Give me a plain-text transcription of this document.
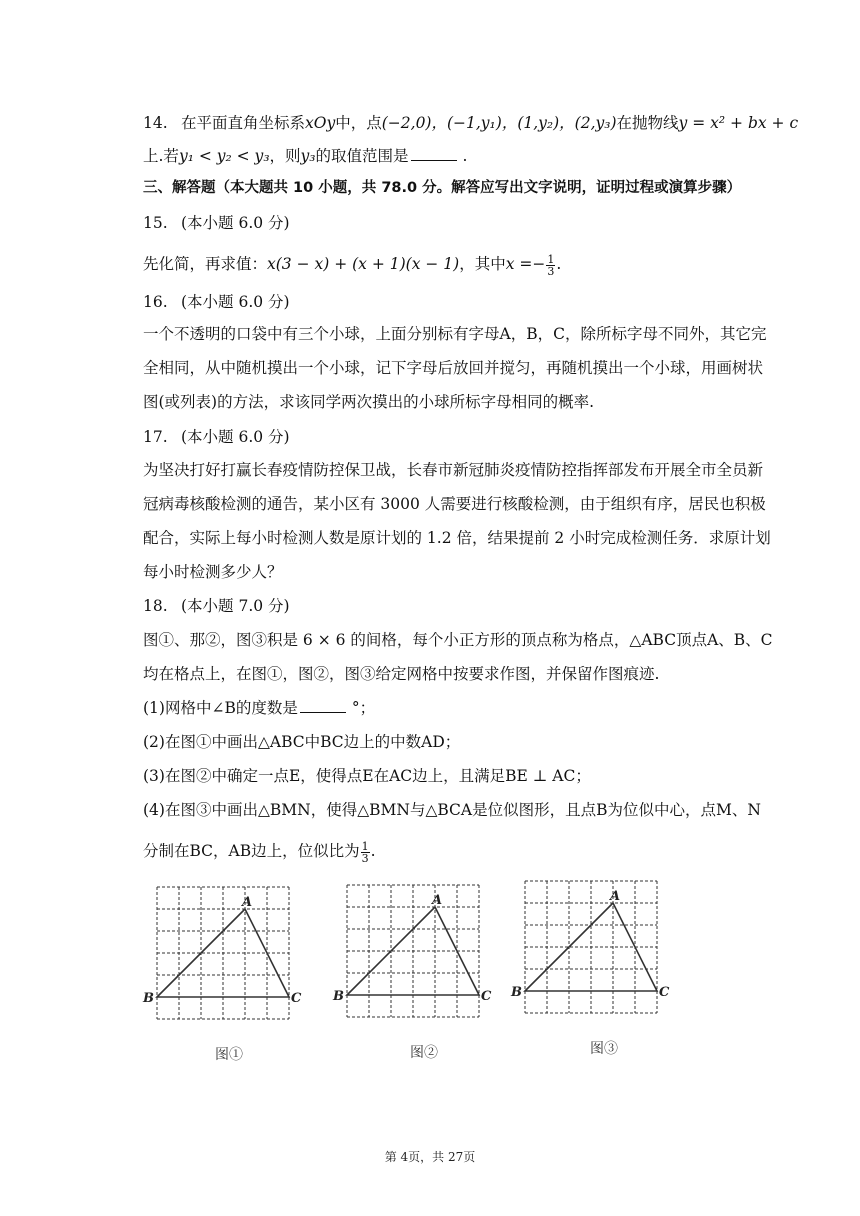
14. 在平面直角坐标系xOy中，点(−2,0)，(−1,y₁)，(1,y₂)，(2,y₃)在抛物线y = x² + bx + c
上.若y₁ < y₂ < y₃，则y₃的取值范围是	.
三、解答题（本大题共 10 小题，共 78.0 分。解答应写出文字说明，证明过程或演算步骤）
15. (本小题 6.0 分)
先化简，再求值：x(3 − x) + (x + 1)(x − 1)，其中$x =- \frac{1}{3}$ .
16. (本小题 6.0 分)
一个不透明的口袋中有三个小球，上面分别标有字母A，B，C，除所标字母不同外，其它完
全相同，从中随机摸出一个小球，记下字母后放回并搅匀，再随机摸出一个小球，用画树状
图(或列表)的方法，求该同学两次摸出的小球所标字母相同的概率.
17. (本小题 6.0 分)
为坚决打好打赢长春疫情防控保卫战，长春市新冠肺炎疫情防控指挥部发布开展全市全员新
冠病毒核酸检测的通告，某小区有 3000 人需要进行核酸检测，由于组织有序，居民也积极
配合，实际上每小时检测人数是原计划的 1.2 倍，结果提前 2 小时完成检测任务．求原计划
每小时检测多少人？
18. (本小题 7.0 分)
图①、那②，图③积是 6 × 6 的间格，每个小正方形的顶点称为格点，△ABC顶点A、B、C
均在格点上，在图①，图②，图③给定网格中按要求作图，并保留作图痕迹.
(1)网格中∠B的度数是	°；
(2)在图①中画出△ABC中BC边上的中数AD；
(3)在图②中确定一点E，使得点E在AC边上，且满足BE ⊥ AC；
(4)在图③中画出△BMN，使得△BMN与△BCA是位似图形，且点B为位似中心，点M、N
分制在BC，AB边上，位似比为 $\frac{1}{3}$ .
A
B	C
图①
A
B	C
图②
A
B	C
图③
第 4页，共 27页
